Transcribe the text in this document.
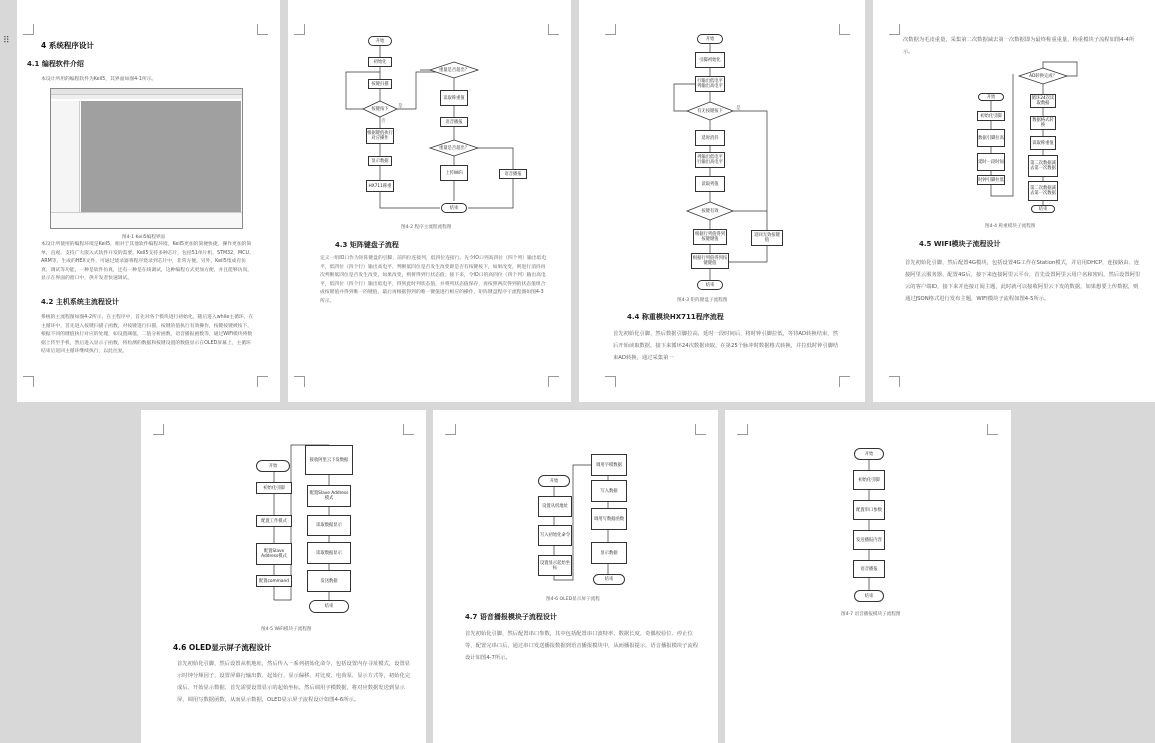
⠿	4 系统程序设计
4.1 编程软件介绍
本设计所用的编程软件为Keil5，其界面如图4-1所示。
图4-1 Keil5编程界面
本设计所使用的编程环境是Keil5，相对于其他软件编程环境，Keil5更加的简便快捷，操作更加的简单，直观。支持广大嵌入式软件开发的需要。Keil5支持多种芯片，包括51单片机、STM32、MCU、ARM等，生成的HEX文件，可通过烧录器将程序烧录到芯片中，非常方便。另外，Keil5集成有仿真、调试等功能，一种是软件仿真，还有一种是在线调试，这种编程方式更加方便，并且能够仿真，显示在界面的窗口中，供开发者快速调试。
4.2 主机系统主流程设计
系统的主流程图如图4-2所示，在主程序中，首先对各个模块进行初始化，随后进入while主循环，在主循环中，首先进入按键扫描子函数，对按键进行扫描，按键的值执行有效操作，按键按键被按下，根据不同的键值执行对应的处理，如设置阈值，二值分析函数，语音播报函数等，通过WiFi模块将数据上传至手机，然后进入显示子函数，将检测的数据和按键设置的数值显示在OLED屏幕上，主循环结束后返回主循环继续执行，以此往复。
开始
初始化
按键扫描
按键按下
根据键值执行对应操作
显示数据
HX711称重
重量是否超出？
读取称重值
语音播报
重量是否超出？
上传WiFi	语音播报
结束
是
否
图4-2 程序主流程流程图
4.3 矩阵键盘子流程
定义一组IO口作为矩阵键盘的引脚，前四位连接列，低四位连接行。先令IO口列高四位（四个列）输出低电平，低四位（四个行）输出高电平，判断低四位是否发生改变即是否有按键按下，如果改变，则进行消抖再次判断低四位是否发生改变，如果改变，则将得到行状态值；接下来，令IO口的高四位（四个列）输出高电平，低四位（四个行）输出低电平，得到此时列状态值，并将列状态值保存，再按照两次得到的状态值组合成按键值并得到唯一的键值，最后再根据得到的唯一键值进行相应的操作，矩阵键盘程序子流程图如图4-3所示。
开始
引脚初始化
行输出低电平列输出高电平
有无按键按下
延时消抖
列输出低电平行输出高电平
读取列值
按键有效
根据行列值得到按键键值
返回无效按键值
根据行列值得到按键键值
结束
是
图4-3 矩阵键盘子流程图
4.4 称重模块HX711程序流程
首先初始化引脚，然后数据引脚拉高，延时一段时间后，将时钟引脚拉低，等待AD转换结束，然后开始读取数据，接下来循环24次数据读取，在第25个脉冲时数据格式转换，并拉低时钟引脚结束AD转换，通过采集第一
次数据为毛皮重量，采集第二次数据减去第一次数据即为最终称重重量，称重模块子流程如图4-4所示。
开始
初始化引脚
数据引脚拉高
延时一段时间
时钟引脚拉低
AD转换完成？
循环24次读取数据
数据格式转换
读取称重值
第二次数据减去第一次数据
第二次数据减去第一次数据
结束
图4-4 称重模块子流程图
4.5 WIFI模块子流程设计
首先初始化引脚，然后配置4G模块，包括设置4G工作在Station模式，并启用DHCP，连接路由、连接阿里云服务器，配置4G后，接下来连接阿里云平台，首先设置阿里云用户名和密码，然后设置阿里云的客户端ID，接下来并连接订阅主题，此时就可以接收阿里云下发的数据，如果想要上传数据，则通过JSON格式进行发布主题，WIFI模块子流程如图4-5所示。
开始
初始化引脚
配置工作模式
配置Slave Address模式
配置command
接收阿里云下发数据
配置Slave Address模式
读取数据显示
读取数据显示
发送数据
结束
图4-5 WiFi模块子流程图
4.6 OLED显示屏子流程设计
首先初始化引脚，然后设置从机地址，然后传入一系列初始化命令，包括设置内存寻址模式，设置显示时钟分频因子，设置屏幕行输出数、起始行、显示偏移、对比度、电荷泵、显示方式等，初始化完成后，开始显示数据，首先需要设置显示的起始坐标，然后调用字模数据，将对应数据发送到显示屏，调用写数据函数，从而显示数据，OLED显示屏子流程设计如图4-6所示。
开始
设置从机地址
写入初始化命令
设置显示起始坐标
调用字模数据
写入数据
调用写数据函数
显示数据
结束
图4-6 OLED显示屏子流程
4.7 语音播报模块子流程设计
首先初始化引脚，然后配置串口参数，其中包括配置串口波特率、数据长度、奇偶校验位、停止位等，配置完串口后，通过串口发送播报数据到语音播报模块中，从而播报提示，语音播报模块子流程设计如图4-7所示。
开始
初始化引脚
配置串口参数
发送播报内容
语音播报
结束
图4-7 语音播报模块子流程图
